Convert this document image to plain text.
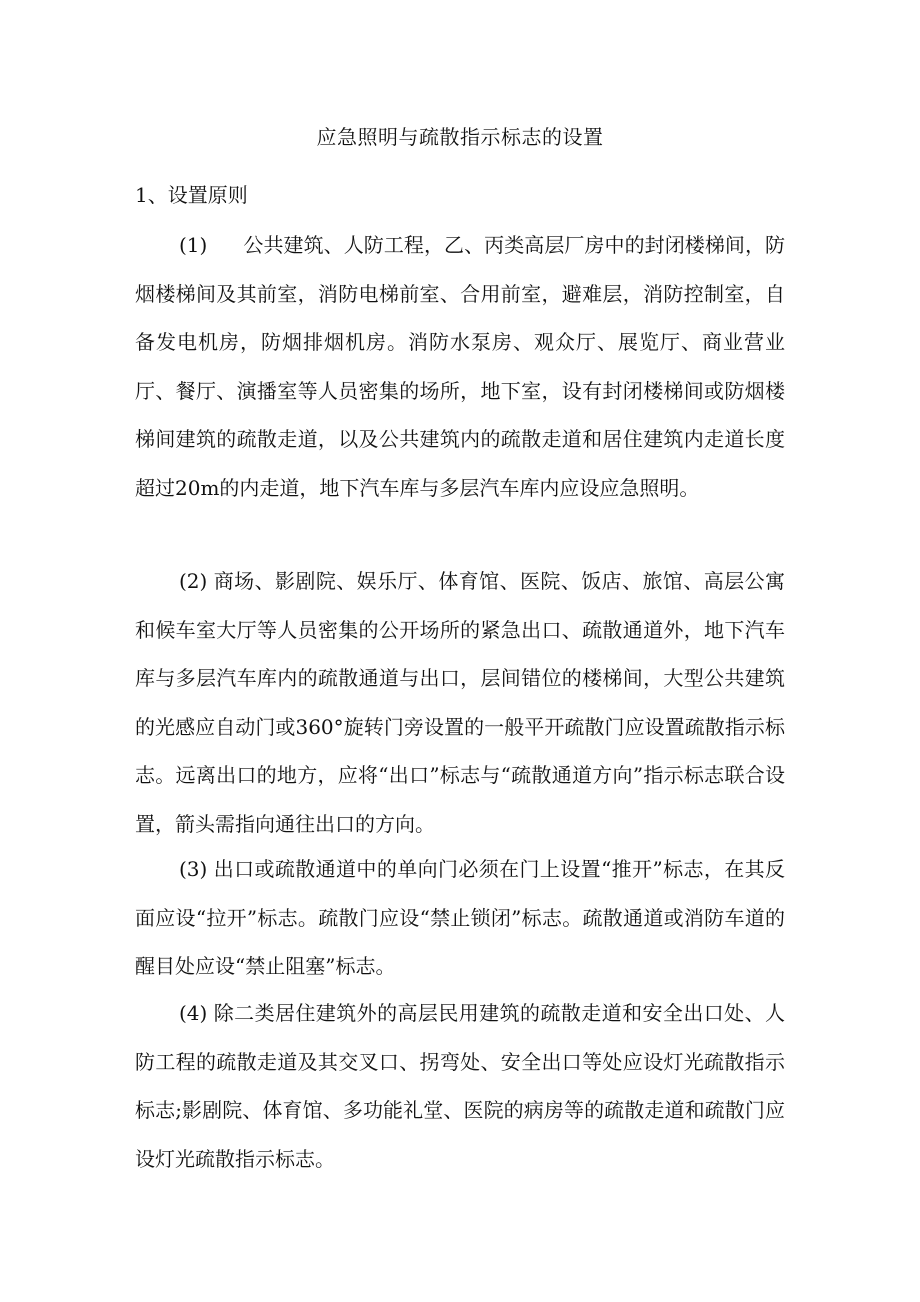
应急照明与疏散指示标志的设置
1、设置原则

(1) 公共建筑、人防工程，乙、丙类高层厂房中的封闭楼梯间，防烟楼梯间及其前室，消防电梯前室、合用前室，避难层，消防控制室，自备发电机房，防烟排烟机房。消防水泵房、观众厅、展览厅、商业营业厅、餐厅、演播室等人员密集的场所，地下室，设有封闭楼梯间或防烟楼梯间建筑的疏散走道，以及公共建筑内的疏散走道和居住建筑内走道长度超过20m的内走道，地下汽车库与多层汽车库内应设应急照明。

(2) 商场、影剧院、娱乐厅、体育馆、医院、饭店、旅馆、高层公寓和候车室大厅等人员密集的公开场所的紧急出口、疏散通道外，地下汽车库与多层汽车库内的疏散通道与出口，层间错位的楼梯间，大型公共建筑的光感应自动门或360°旋转门旁设置的一般平开疏散门应设置疏散指示标志。远离出口的地方，应将“出口”标志与“疏散通道方向”指示标志联合设置，箭头需指向通往出口的方向。

(3) 出口或疏散通道中的单向门必须在门上设置“推开”标志，在其反面应设“拉开”标志。疏散门应设“禁止锁闭”标志。疏散通道或消防车道的醒目处应设“禁止阻塞”标志。

(4) 除二类居住建筑外的高层民用建筑的疏散走道和安全出口处、人防工程的疏散走道及其交叉口、拐弯处、安全出口等处应设灯光疏散指示标志;影剧院、体育馆、多功能礼堂、医院的病房等的疏散走道和疏散门应设灯光疏散指示标志。
